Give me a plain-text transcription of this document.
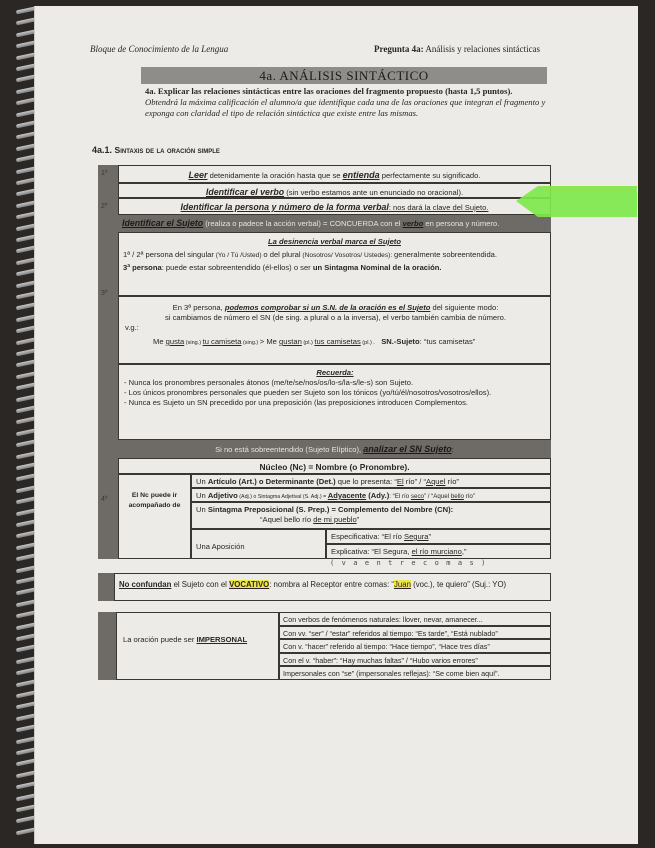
Bloque de Conocimiento de la Lengua	Pregunta 4a: Análisis y relaciones sintácticas
4a. ANÁLISIS SINTÁCTICO
4a. Explicar las relaciones sintácticas entre las oraciones del fragmento propuesto (hasta 1,5 puntos). Obtendrá la máxima calificación el alumno/a que identifique cada una de las oraciones que integran el fragmento y exponga con claridad el tipo de relación sintáctica que existe entre las mismas.
4a.1. Sintaxis de la oración simple
1º
2º
3º
4º
Leer detenidamente la oración hasta que se entienda perfectamente su significado.
Identificar el verbo (sin verbo estamos ante un enunciado no oracional).
Identificar la persona y número de la forma verbal: nos dará la clave del Sujeto.
Identificar el Sujeto (realiza o padece la acción verbal) = CONCUERDA con el verbo en persona y número.
La desinencia verbal marca el Sujeto
1ª / 2ª persona del singular (Yo / Tú /Usted) o del plural (Nosotros/ Vosotros/ Ustedes): generalmente sobreentendida.
3ª persona: puede estar sobreentendido (él-ellos) o ser un Sintagma Nominal de la oración.
En 3ª persona, podemos comprobar si un S.N. de la oración es el Sujeto del siguiente modo:
si cambiamos de número el SN (de sing. a plural o a la inversa), el verbo también cambia de número.
v.g.:
Me gusta (sing.) tu camiseta (sing.) > Me gustan (pl.) tus camisetas (pl.) . SN.-Sujeto: “tus camisetas”
Recuerda:
- Nunca los pronombres personales átonos (me/te/se/nos/os/lo-s/la-s/le-s) son Sujeto.
- Los únicos pronombres personales que pueden ser Sujeto son los tónicos (yo/tú/él/nosotros/vosotros/ellos).
- Nunca es Sujeto un SN precedido por una preposición (las preposiciones introducen Complementos.
Si no está sobreentendido (Sujeto Elíptico), analizar el SN Sujeto:
Núcleo (Nc) = Nombre (o Pronombre).
El Nc puede ir acompañado de
Un Artículo (Art.) o Determinante (Det.) que lo presenta: “El río” / “Aquel río”
Un Adjetivo (Adj.) o Sintagma Adjetival (S. Adj.) = Adyacente (Ady.): “El río seco” / “Aquel bello río”
Un Sintagma Preposicional (S. Prep.) = Complemento del Nombre (CN):
“Aquel bello río de mi pueblo”
Una Aposición
Especificativa: “El río Segura”
Explicativa: “El Segura, el río murciano,”
( v a e n t r e c o m a s )
No confundan el Sujeto con el VOCATIVO: nombra al Receptor entre comas: “Juan (voc.), te quiero” (Suj.: YO)
La oración puede ser IMPERSONAL
Con verbos de fenómenos naturales: llover, nevar, amanecer...
Con vv. “ser” / “estar” referidos al tiempo: “Es tarde”, “Está nublado”
Con v. “hacer” referido al tiempo: “Hace tiempo”, “Hace tres días”
Con el v. “haber”: “Hay muchas faltas” / “Hubo varios errores”
Impersonales con “se” (impersonales reflejas): “Se come bien aquí”.
